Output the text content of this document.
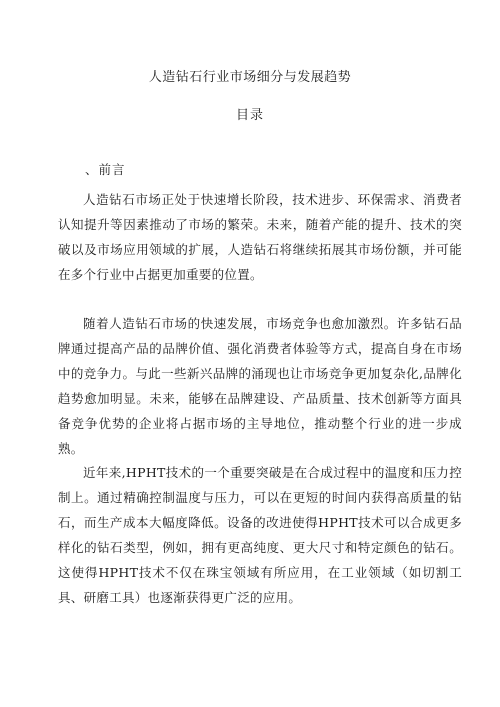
人造钻石行业市场细分与发展趋势
目录
、前言

人造钻石市场正处于快速增长阶段，技术进步、环保需求、消费者认知提升等因素推动了市场的繁荣。未来，随着产能的提升、技术的突破以及市场应用领域的扩展，人造钻石将继续拓展其市场份额，并可能在多个行业中占据更加重要的位置。

随着人造钻石市场的快速发展，市场竞争也愈加激烈。许多钻石品牌通过提高产品的品牌价值、强化消费者体验等方式，提高自身在市场中的竞争力。与此一些新兴品牌的涌现也让市场竞争更加复杂化,品牌化趋势愈加明显。未来，能够在品牌建设、产品质量、技术创新等方面具备竞争优势的企业将占据市场的主导地位，推动整个行业的进一步成熟。

近年来,HPHT技术的一个重要突破是在合成过程中的温度和压力控制上。通过精确控制温度与压力，可以在更短的时间内获得高质量的钻石，而生产成本大幅度降低。设备的改进使得HPHT技术可以合成更多样化的钻石类型，例如，拥有更高纯度、更大尺寸和特定颜色的钻石。这使得HPHT技术不仅在珠宝领域有所应用，在工业领域（如切割工具、研磨工具）也逐渐获得更广泛的应用。
